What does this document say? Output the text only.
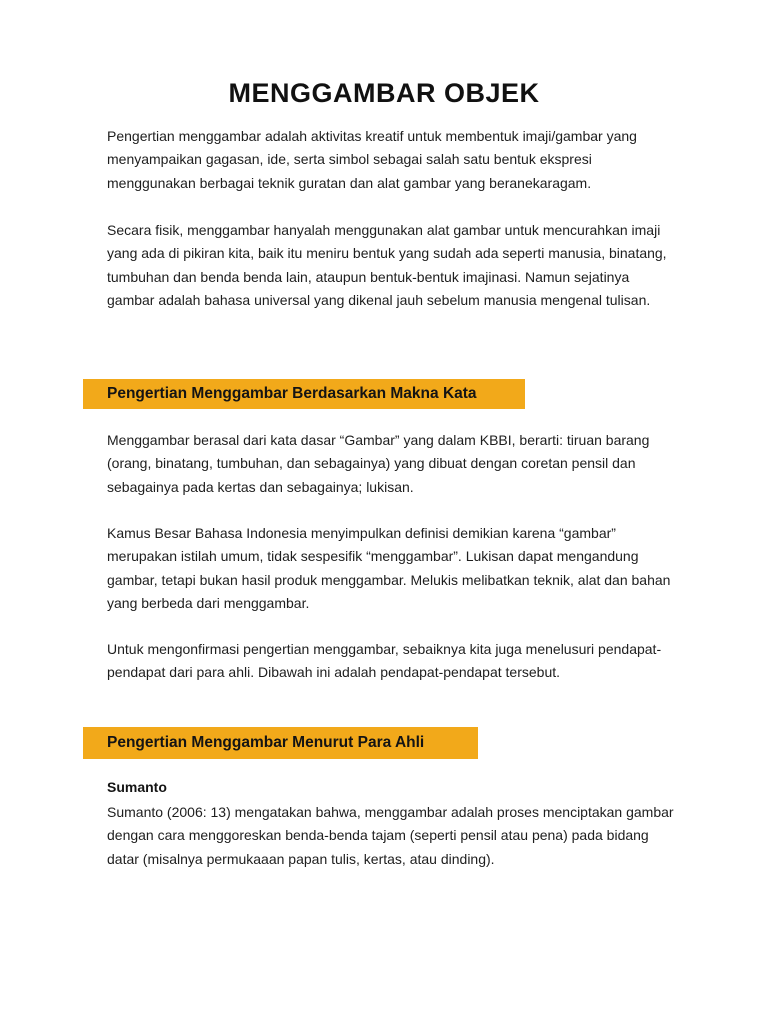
MENGGAMBAR OBJEK

Pengertian menggambar adalah aktivitas kreatif untuk membentuk imaji/gambar yang menyampaikan gagasan, ide, serta simbol sebagai salah satu bentuk ekspresi menggunakan berbagai teknik guratan dan alat gambar yang beranekaragam.

Secara fisik, menggambar hanyalah menggunakan alat gambar untuk mencurahkan imaji yang ada di pikiran kita, baik itu meniru bentuk yang sudah ada seperti manusia, binatang, tumbuhan dan benda benda lain, ataupun bentuk-bentuk imajinasi. Namun sejatinya gambar adalah bahasa universal yang dikenal jauh sebelum manusia mengenal tulisan.

Pengertian Menggambar Berdasarkan Makna Kata

Menggambar berasal dari kata dasar “Gambar” yang dalam KBBI, berarti: tiruan barang (orang, binatang, tumbuhan, dan sebagainya) yang dibuat dengan coretan pensil dan sebagainya pada kertas dan sebagainya; lukisan.

Kamus Besar Bahasa Indonesia menyimpulkan definisi demikian karena “gambar” merupakan istilah umum, tidak sespesifik “menggambar”. Lukisan dapat mengandung gambar, tetapi bukan hasil produk menggambar. Melukis melibatkan teknik, alat dan bahan yang berbeda dari menggambar.

Untuk mengonfirmasi pengertian menggambar, sebaiknya kita juga menelusuri pendapat-pendapat dari para ahli. Dibawah ini adalah pendapat-pendapat tersebut.

Pengertian Menggambar Menurut Para Ahli
Sumanto

Sumanto (2006: 13) mengatakan bahwa, menggambar adalah proses menciptakan gambar dengan cara menggoreskan benda-benda tajam (seperti pensil atau pena) pada bidang datar (misalnya permukaaan papan tulis, kertas, atau dinding).
